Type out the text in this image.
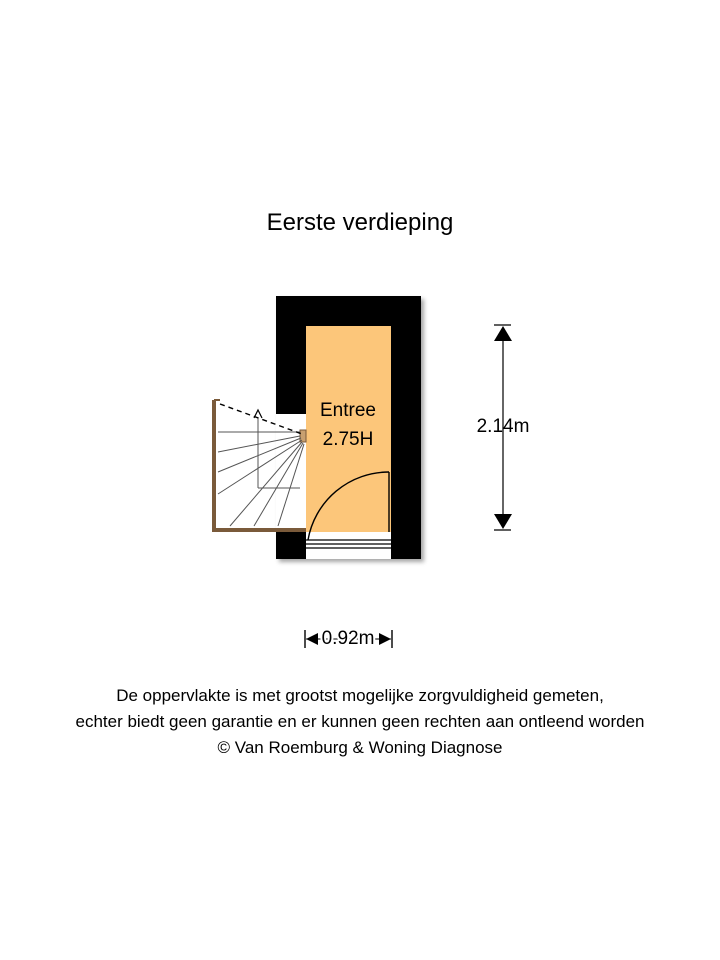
Eerste verdieping
Entree
2.75H
2.14m
0.92m
De oppervlakte is met grootst mogelijke zorgvuldigheid gemeten,
echter biedt geen garantie en er kunnen geen rechten aan ontleend worden
© Van Roemburg & Woning Diagnose
